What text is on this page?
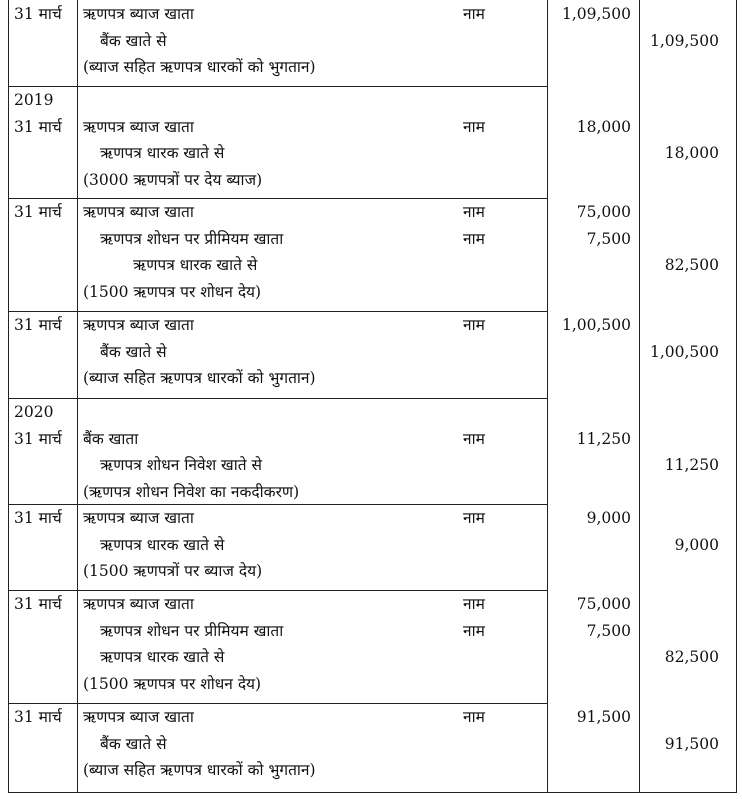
31 मार्च ऋणपत्र ब्याज खाता	नाम	1,09,500
बैंक खाते से	1,09,500
(ब्याज सहित ऋणपत्र धारकों को भुगतान)
2019
31 मार्च ऋणपत्र ब्याज खाता	नाम	18,000
ऋणपत्र धारक खाते से	18,000
(3000 ऋणपत्रों पर देय ब्याज)
31 मार्च ऋणपत्र ब्याज खाता	नाम	75,000
ऋणपत्र शोधन पर प्रीमियम खाता	नाम	7,500
ऋणपत्र धारक खाते से	82,500
(1500 ऋणपत्र पर शोधन देय)
31 मार्च ऋणपत्र ब्याज खाता	नाम	1,00,500
बैंक खाते से	1,00,500
(ब्याज सहित ऋणपत्र धारकों को भुगतान)
2020
31 मार्च बैंक खाता	नाम	11,250
ऋणपत्र शोधन निवेश खाते से	11,250
(ऋणपत्र शोधन निवेश का नकदीकरण)
31 मार्च ऋणपत्र ब्याज खाता	नाम	9,000
ऋणपत्र धारक खाते से	9,000
(1500 ऋणपत्रों पर ब्याज देय)
31 मार्च ऋणपत्र ब्याज खाता	नाम	75,000
ऋणपत्र शोधन पर प्रीमियम खाता	नाम	7,500
ऋणपत्र धारक खाते से	82,500
(1500 ऋणपत्र पर शोधन देय)
31 मार्च ऋणपत्र ब्याज खाता	नाम	91,500
बैंक खाते से	91,500
(ब्याज सहित ऋणपत्र धारकों को भुगतान)
